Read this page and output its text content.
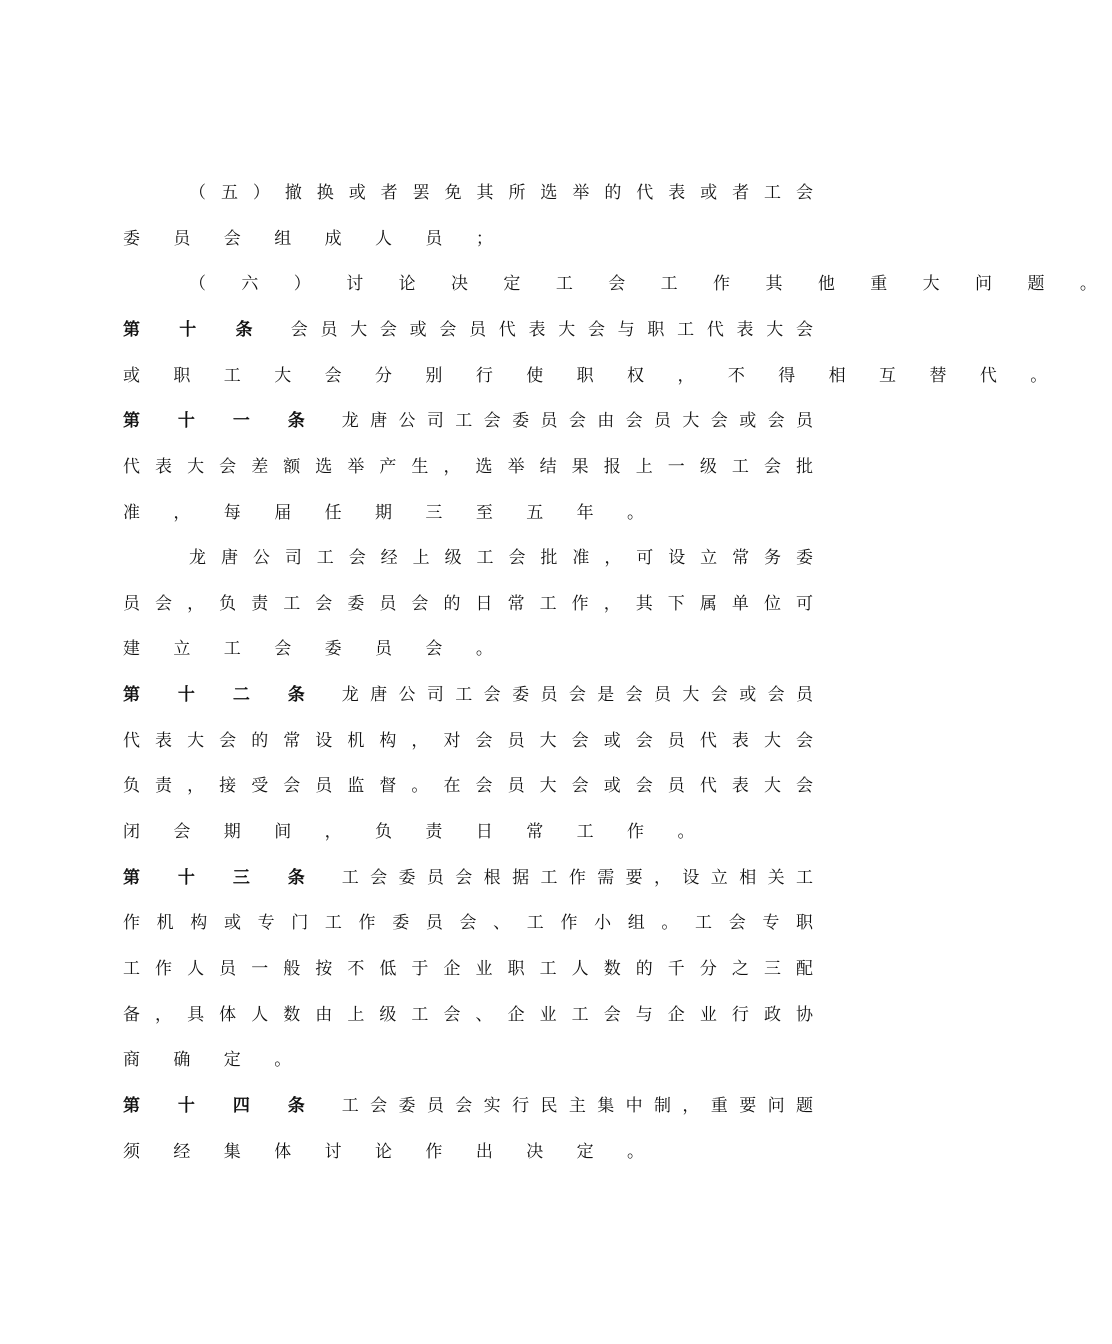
（ 五 ） 撤 换 或 者 罢 免 其 所 选 举 的 代 表 或 者 工 会
委 员 会 组 成 人 员 ；
（ 六 ） 讨 论 决 定 工 会 工 作 其 他 重 大 问 题 。
第 十 条 会 员 大 会 或 会 员 代 表 大 会 与 职 工 代 表 大 会
或 职 工 大 会 分 别 行 使 职 权 ， 不 得 相 互 替 代 。
第 十 一 条 龙 唐 公 司 工 会 委 员 会 由 会 员 大 会 或 会 员
代 表 大 会 差 额 选 举 产 生 ， 选 举 结 果 报 上 一 级 工 会 批
准 ， 每 届 任 期 三 至 五 年 。
龙 唐 公 司 工 会 经 上 级 工 会 批 准 ， 可 设 立 常 务 委
员 会 ， 负 责 工 会 委 员 会 的 日 常 工 作 ， 其 下 属 单 位 可
建 立 工 会 委 员 会 。
第 十 二 条 龙 唐 公 司 工 会 委 员 会 是 会 员 大 会 或 会 员
代 表 大 会 的 常 设 机 构 ， 对 会 员 大 会 或 会 员 代 表 大 会
负 责 ， 接 受 会 员 监 督 。 在 会 员 大 会 或 会 员 代 表 大 会
闭 会 期 间 ， 负 责 日 常 工 作 。
第 十 三 条 工 会 委 员 会 根 据 工 作 需 要 ， 设 立 相 关 工
作 机 构 或 专 门 工 作 委 员 会 、 工 作 小 组 。 工 会 专 职
工 作 人 员 一 般 按 不 低 于 企 业 职 工 人 数 的 千 分 之 三 配
备 ， 具 体 人 数 由 上 级 工 会 、 企 业 工 会 与 企 业 行 政 协
商 确 定 。
第 十 四 条 工 会 委 员 会 实 行 民 主 集 中 制 ， 重 要 问 题
须 经 集 体 讨 论 作 出 决 定 。
